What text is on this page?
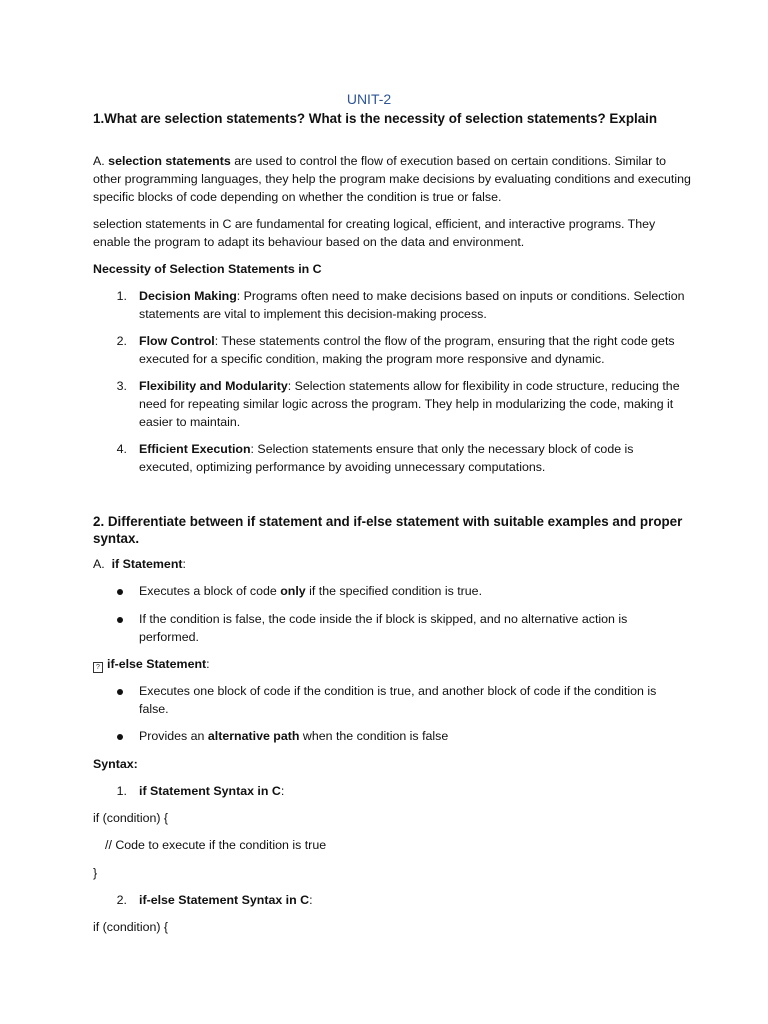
UNIT-2
1.What are selection statements? What is the necessity of selection statements? Explain
A. selection statements are used to control the flow of execution based on certain conditions. Similar to other programming languages, they help the program make decisions by evaluating conditions and executing specific blocks of code depending on whether the condition is true or false.
selection statements in C are fundamental for creating logical, efficient, and interactive programs. They enable the program to adapt its behaviour based on the data and environment.
Necessity of Selection Statements in C
1. Decision Making: Programs often need to make decisions based on inputs or conditions. Selection statements are vital to implement this decision-making process.
2. Flow Control: These statements control the flow of the program, ensuring that the right code gets executed for a specific condition, making the program more responsive and dynamic.
3. Flexibility and Modularity: Selection statements allow for flexibility in code structure, reducing the need for repeating similar logic across the program. They help in modularizing the code, making it easier to maintain.
4. Efficient Execution: Selection statements ensure that only the necessary block of code is executed, optimizing performance by avoiding unnecessary computations.
2. Differentiate between if statement and if-else statement with suitable examples and proper syntax.
A. if Statement:
Executes a block of code only if the specified condition is true.
If the condition is false, the code inside the if block is skipped, and no alternative action is performed.
? if-else Statement:
Executes one block of code if the condition is true, and another block of code if the condition is false.
Provides an alternative path when the condition is false
Syntax:
1. if Statement Syntax in C:
if (condition) {
// Code to execute if the condition is true
}
2. if-else Statement Syntax in C:
if (condition) {
